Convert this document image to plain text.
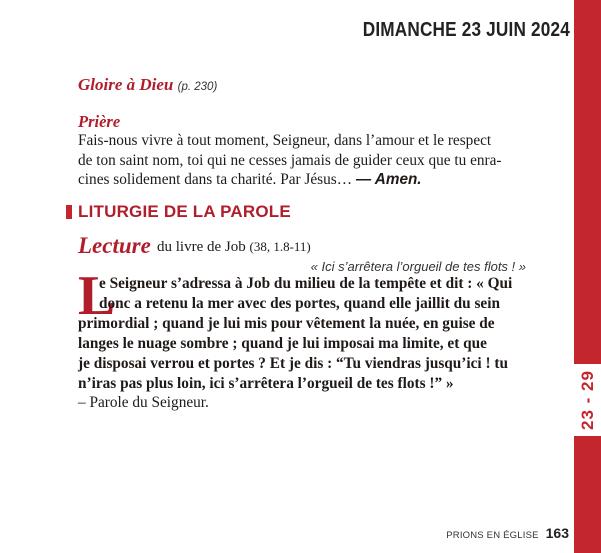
23 - 29
DIMANCHE 23 JUIN 2024
Gloire à Dieu (p. 230)
Prière
Fais-nous vivre à tout moment, Seigneur, dans l’amour et le respect
de ton saint nom, toi qui ne cesses jamais de guider ceux que tu enra-
cines solidement dans ta charité. Par Jésus… — Amen.
LITURGIE DE LA PAROLE
Lecture du livre de Job (38, 1.8-11)
« Ici s’arrêtera l’orgueil de tes flots ! »
L
e Seigneur s’adressa à Job du milieu de la tempête et dit : « Qui
donc a retenu la mer avec des portes, quand elle jaillit du sein
primordial ; quand je lui mis pour vêtement la nuée, en guise de
langes le nuage sombre ; quand je lui imposai ma limite, et que
je disposai verrou et portes ? Et je dis : “Tu viendras jusqu’ici ! tu
n’iras pas plus loin, ici s’arrêtera l’orgueil de tes flots !” »
– Parole du Seigneur.
PRIONS EN ÉGLISE 163
